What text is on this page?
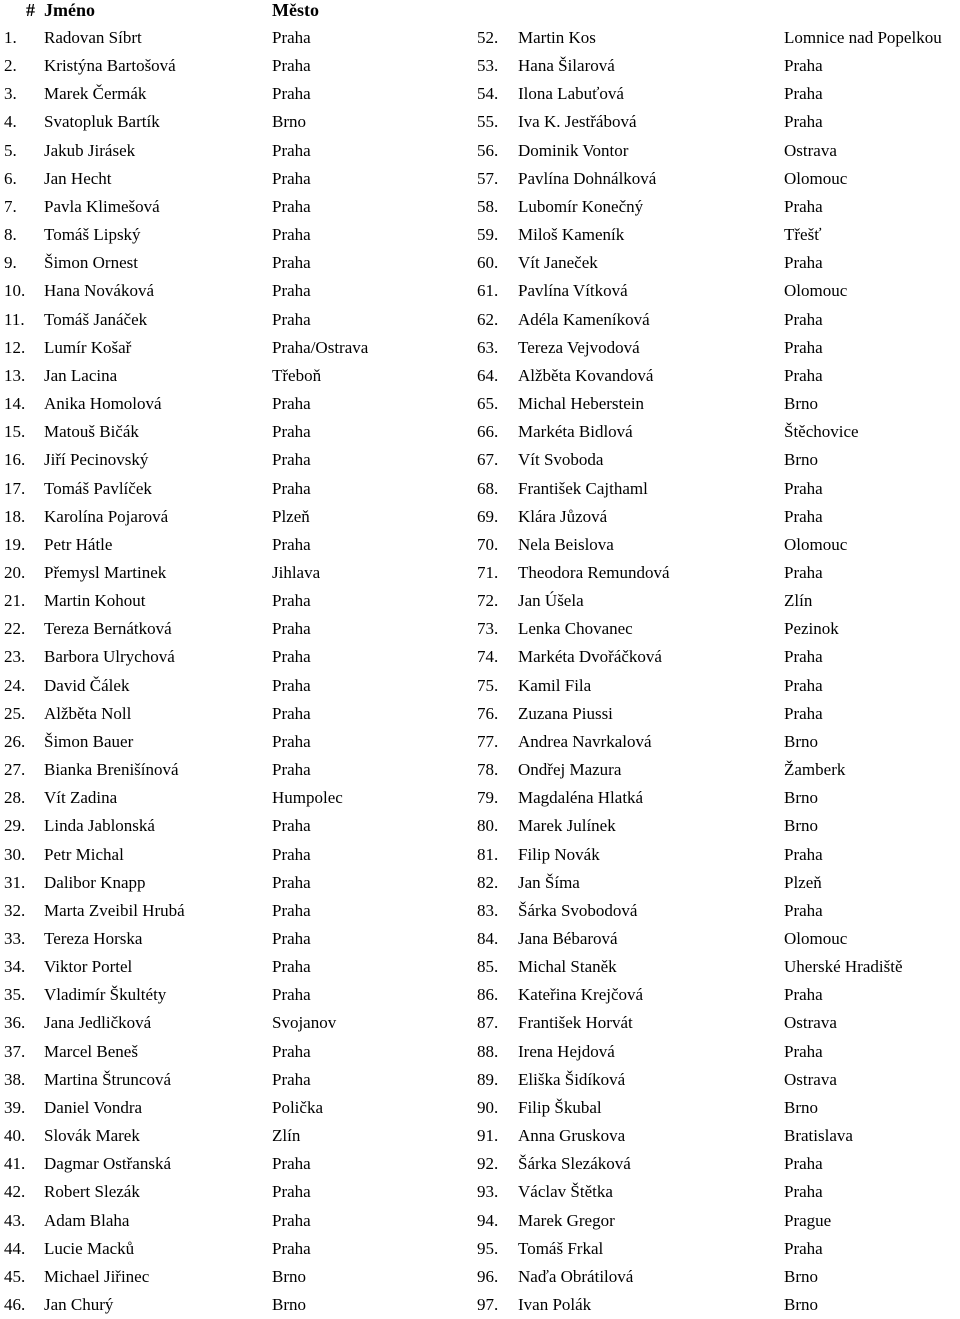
# Jméno	Město
1. Radovan Síbrt	Praha
2. Kristýna Bartošová	Praha
3. Marek Čermák	Praha
4. Svatopluk Bartík	Brno
5. Jakub Jirásek	Praha
6. Jan Hecht	Praha
7. Pavla Klimešová	Praha
8. Tomáš Lipský	Praha
9. Šimon Ornest	Praha
10. Hana Nováková	Praha
11. Tomáš Janáček	Praha
12. Lumír Košař	Praha/Ostrava
13. Jan Lacina	Třeboň
14. Anika Homolová	Praha
15. Matouš Bičák	Praha
16. Jiří Pecinovský	Praha
17. Tomáš Pavlíček	Praha
18. Karolína Pojarová	Plzeň
19. Petr Hátle	Praha
20. Přemysl Martinek	Jihlava
21. Martin Kohout	Praha
22. Tereza Bernátková	Praha
23. Barbora Ulrychová	Praha
24. David Čálek	Praha
25. Alžběta Noll	Praha
26. Šimon Bauer	Praha
27. Bianka Brenišínová	Praha
28. Vít Zadina	Humpolec
29. Linda Jablonská	Praha
30. Petr Michal	Praha
31. Dalibor Knapp	Praha
32. Marta Zveibil Hrubá	Praha
33. Tereza Horska	Praha
34. Viktor Portel	Praha
35. Vladimír Škultéty	Praha
36. Jana Jedličková	Svojanov
37. Marcel Beneš	Praha
38. Martina Štruncová	Praha
39. Daniel Vondra	Polička
40. Slovák Marek	Zlín
41. Dagmar Ostřanská	Praha
42. Robert Slezák	Praha
43. Adam Blaha	Praha
44. Lucie Macků	Praha
45. Michael Jiřinec	Brno
46. Jan Churý	Brno
52. Martin Kos	Lomnice nad Popelkou
53. Hana Šilarová	Praha
54. Ilona Labuťová	Praha
55. Iva K. Jestřábová	Praha
56. Dominik Vontor	Ostrava
57. Pavlína Dohnálková	Olomouc
58. Lubomír Konečný	Praha
59. Miloš Kameník	Třešť
60. Vít Janeček	Praha
61. Pavlína Vítková	Olomouc
62. Adéla Kameníková	Praha
63. Tereza Vejvodová	Praha
64. Alžběta Kovandová	Praha
65. Michal Heberstein	Brno
66. Markéta Bidlová	Štěchovice
67. Vít Svoboda	Brno
68. František Cajthaml	Praha
69. Klára Jůzová	Praha
70. Nela Beislova	Olomouc
71. Theodora Remundová	Praha
72. Jan Úšela	Zlín
73. Lenka Chovanec	Pezinok
74. Markéta Dvořáčková	Praha
75. Kamil Fila	Praha
76. Zuzana Piussi	Praha
77. Andrea Navrkalová	Brno
78. Ondřej Mazura	Žamberk
79. Magdaléna Hlatká	Brno
80. Marek Julínek	Brno
81. Filip Novák	Praha
82. Jan Šíma	Plzeň
83. Šárka Svobodová	Praha
84. Jana Bébarová	Olomouc
85. Michal Staněk	Uherské Hradiště
86. Kateřina Krejčová	Praha
87. František Horvát	Ostrava
88. Irena Hejdová	Praha
89. Eliška Šidíková	Ostrava
90. Filip Škubal	Brno
91. Anna Gruskova	Bratislava
92. Šárka Slezáková	Praha
93. Václav Štětka	Praha
94. Marek Gregor	Prague
95. Tomáš Frkal	Praha
96. Naďa Obrátilová	Brno
97. Ivan Polák	Brno
